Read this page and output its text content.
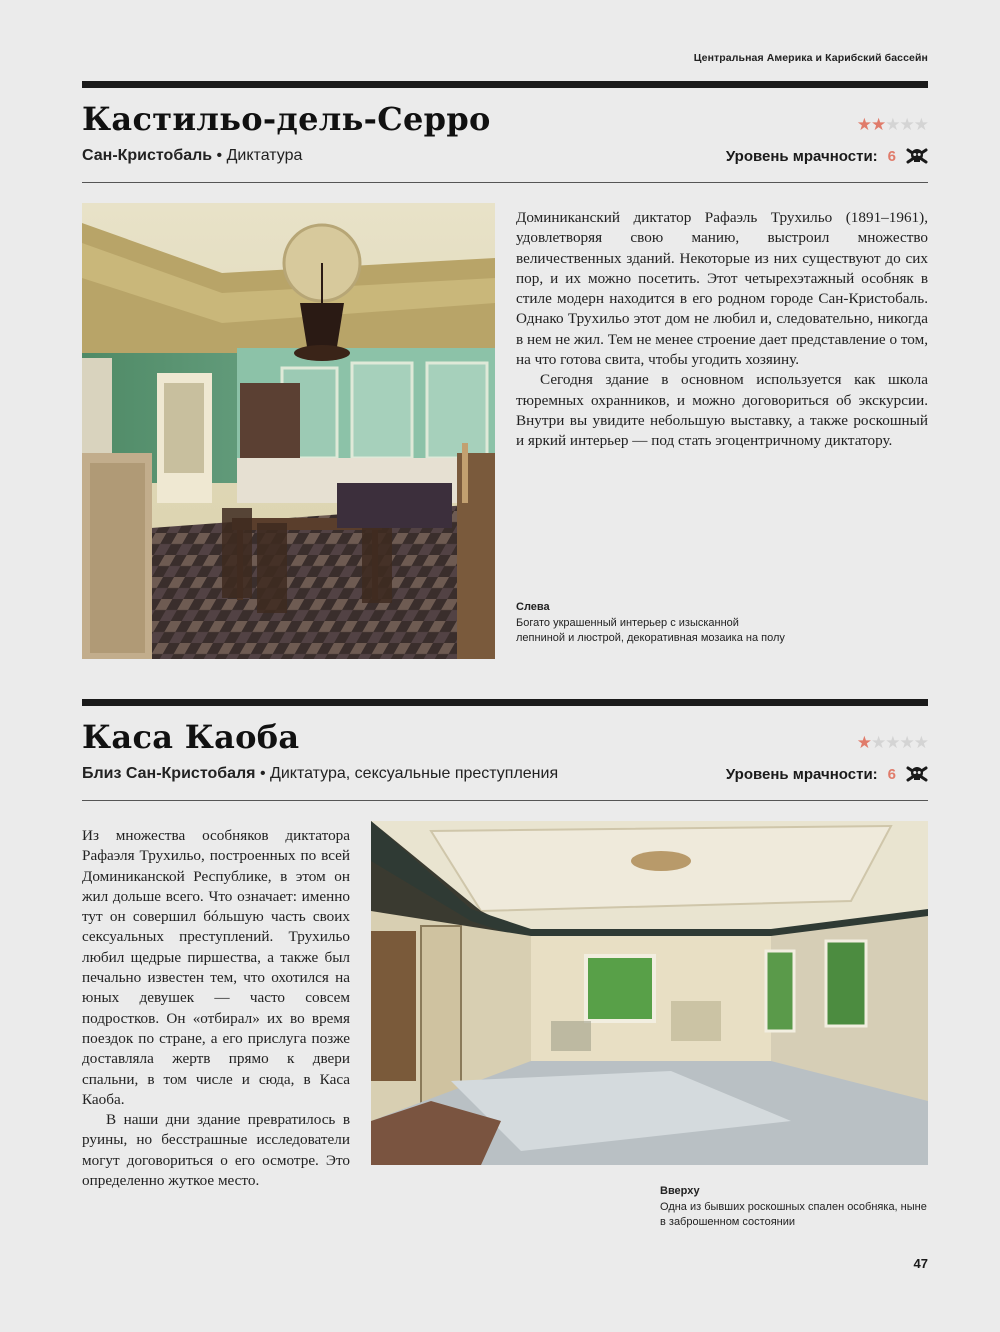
Центральная Америка и Карибский бассейн
Кастильо-дель-Серро	★★★★★
Сан-Кристобаль • Диктатура	Уровень мрачности: 6

Доминиканский диктатор Рафаэль Трухильо (1891–1961), удовлетворяя свою манию, выстроил множество величественных зданий. Некоторые из них существуют до сих пор, и их можно посетить. Этот четырехэтажный особняк в стиле модерн находится в его родном городе Сан-Кристобаль. Однако Трухильо этот дом не любил и, следовательно, никогда в нем не жил. Тем не менее строение дает представление о том, на что готова свита, чтобы угодить хозяину.

Сегодня здание в основном используется как школа тюремных охранников, и можно договориться об экскурсии. Внутри вы увидите небольшую выставку, а также роскошный и яркий интерьер — под стать эгоцентричному диктатору.

Слева
Богато украшенный интерьер с изысканной лепниной и люстрой, декоративная мозаика на полу
Каса Каоба	★★★★★
Близ Сан-Кристобаля • Диктатура, сексуальные преступления	Уровень мрачности: 6

Из множества особняков диктатора Рафаэля Трухильо, построенных по всей Доминиканской Республике, в этом он жил дольше всего. Что означает: именно тут он совершил бóльшую часть своих сексуальных преступлений. Трухильо любил щедрые пиршества, а также был печально известен тем, что охотился на юных девушек — часто совсем подростков. Он «отбирал» их во время поездок по стране, а его прислуга позже доставляла жертв прямо к двери спальни, в том числе и сюда, в Каса Каоба.

В наши дни здание превратилось в руины, но бесстрашные исследователи могут договориться о его осмотре. Это определенно жуткое место.

Вверху
Одна из бывших роскошных спален особняка, ныне в заброшенном состоянии
47
